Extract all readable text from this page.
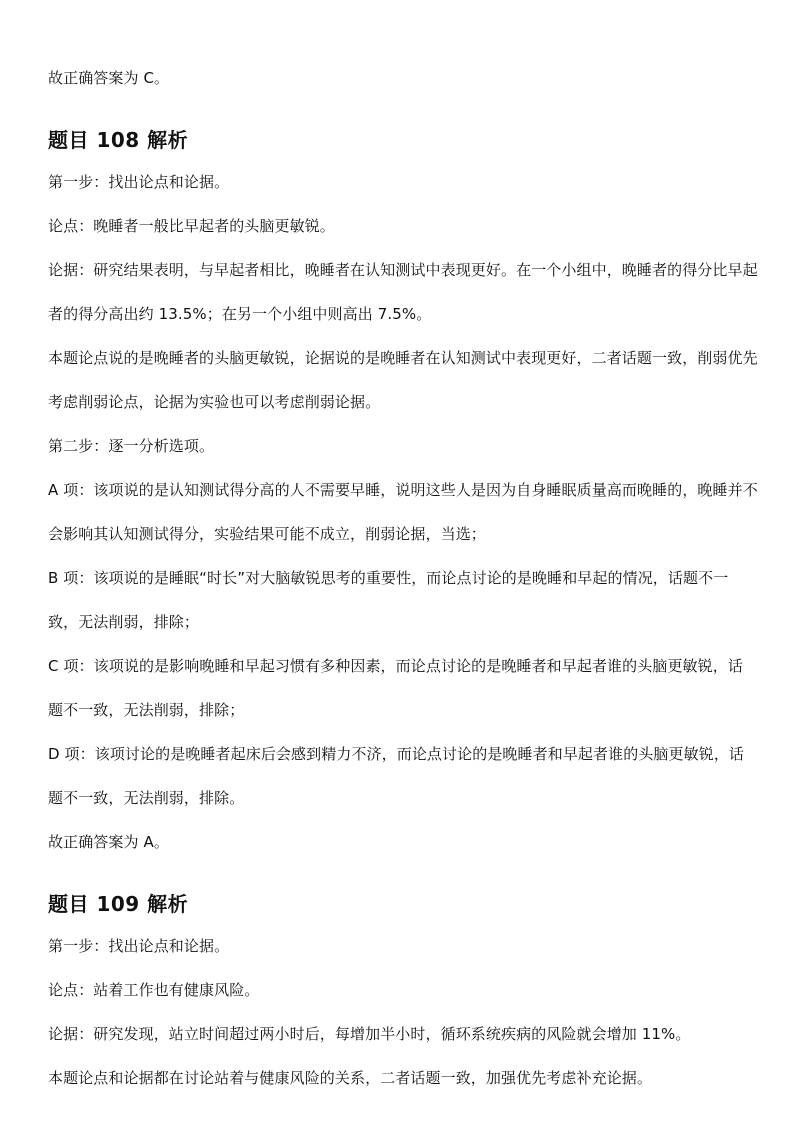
故正确答案为 C。

题目 108 解析

第一步：找出论点和论据。

论点：晚睡者一般比早起者的头脑更敏锐。

论据：研究结果表明，与早起者相比，晚睡者在认知测试中表现更好。在一个小组中，晚睡者的得分比早起者的得分高出约 13.5%；在另一个小组中则高出 7.5%。

本题论点说的是晚睡者的头脑更敏锐，论据说的是晚睡者在认知测试中表现更好，二者话题一致，削弱优先考虑削弱论点，论据为实验也可以考虑削弱论据。

第二步：逐一分析选项。

A 项：该项说的是认知测试得分高的人不需要早睡，说明这些人是因为自身睡眠质量高而晚睡的，晚睡并不会影响其认知测试得分，实验结果可能不成立，削弱论据，当选；

B 项：该项说的是睡眠“时长”对大脑敏锐思考的重要性，而论点讨论的是晚睡和早起的情况，话题不一致，无法削弱，排除；

C 项：该项说的是影响晚睡和早起习惯有多种因素，而论点讨论的是晚睡者和早起者谁的头脑更敏锐，话题不一致，无法削弱，排除；

D 项：该项讨论的是晚睡者起床后会感到精力不济，而论点讨论的是晚睡者和早起者谁的头脑更敏锐，话题不一致，无法削弱，排除。

故正确答案为 A。

题目 109 解析

第一步：找出论点和论据。

论点：站着工作也有健康风险。

论据：研究发现，站立时间超过两小时后，每增加半小时，循环系统疾病的风险就会增加 11%。

本题论点和论据都在讨论站着与健康风险的关系，二者话题一致，加强优先考虑补充论据。
